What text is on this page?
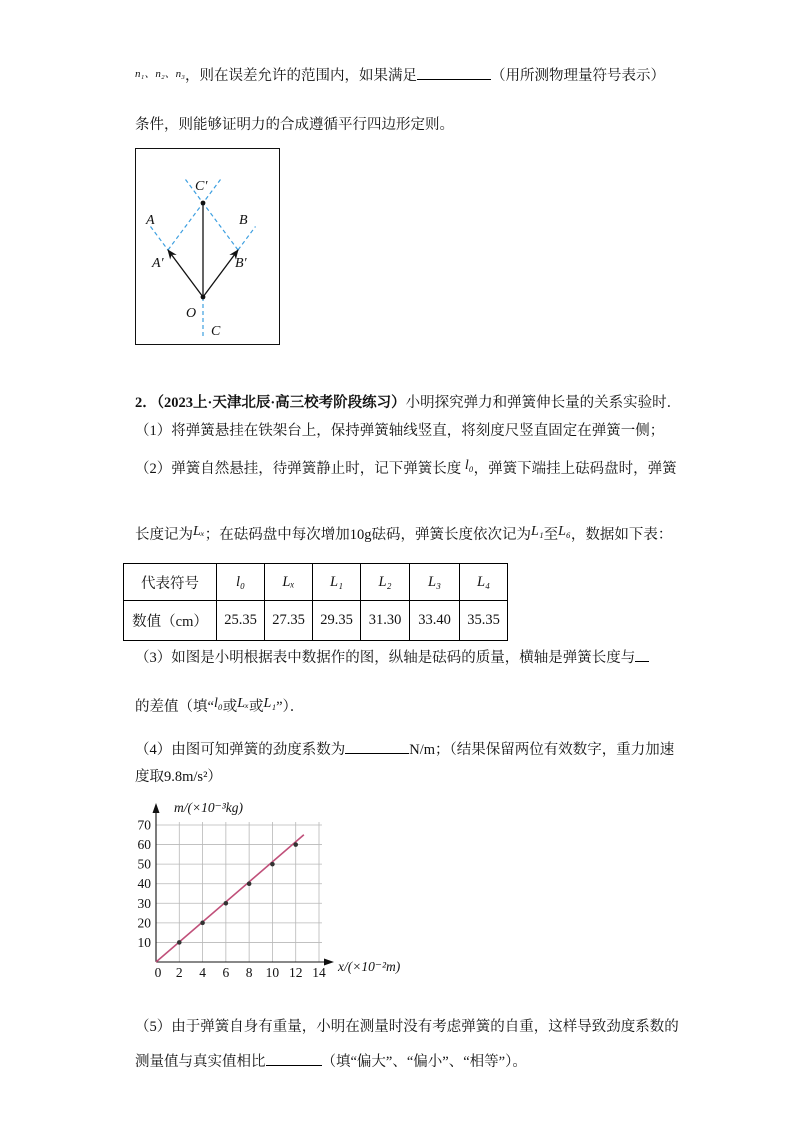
$^{n_1、n_2、n_3}$，则在误差允许的范围内，如果满足	（用所测物理量符号表示）
条件，则能够证明力的合成遵循平行四边形定则。
C′
A	B
A′	B′
O
C
2．（2023上·天津北辰·高三校考阶段练习）小明探究弹力和弹簧伸长量的关系实验时．
（1）将弹簧悬挂在铁架台上，保持弹簧轴线竖直，将刻度尺竖直固定在弹簧一侧；
（2）弹簧自然悬挂，待弹簧静止时，记下弹簧长度 l₀，弹簧下端挂上砝码盘时，弹簧
长度记为Lₓ；在砝码盘中每次增加10g砝码，弹簧长度依次记为L₁至L₆，数据如下表：
代表符号	l₀	Lₓ	L₁	L₂	L₃	L₄
数值（cm）	25.35	27.35	29.35	31.30	33.40	35.35
（3）如图是小明根据表中数据作的图，纵轴是砝码的质量，横轴是弹簧长度与
的差值（填“l₀或Lₓ或L₁”）．
（4）由图可知弹簧的劲度系数为	N/m；（结果保留两位有效数字，重力加速
度取9.8m/s²）
0 2 4 6 8 10 12 14
10
20
30
40
50
60
70
m/(×10⁻³kg)
x/(×10⁻²m)
（5）由于弹簧自身有重量，小明在测量时没有考虑弹簧的自重，这样导致劲度系数的
测量值与真实值相比	（填“偏大”、“偏小”、“相等”）。
